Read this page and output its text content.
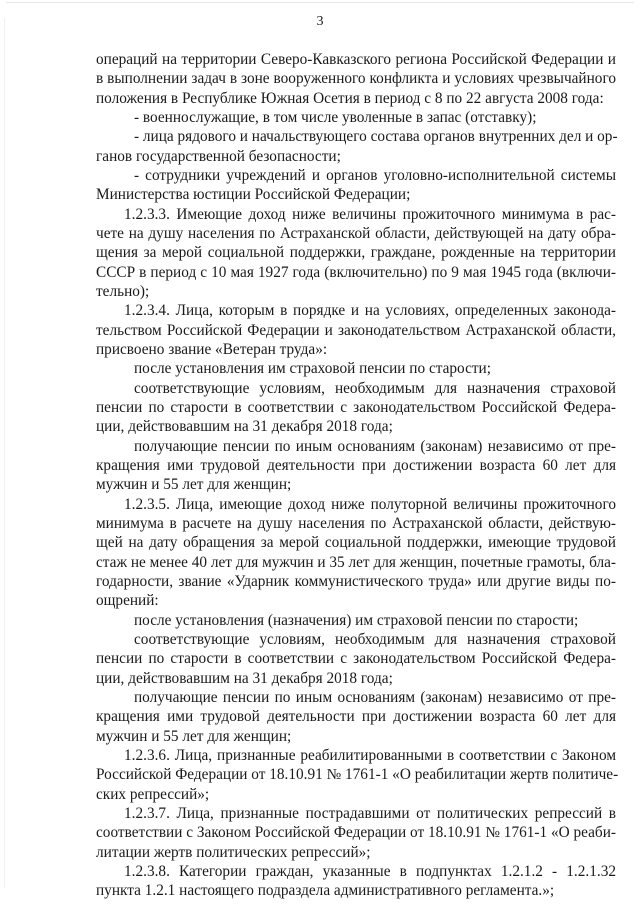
3
операций на территории Северо-Кавказского региона Российской Федерации и
в выполнении задач в зоне вооруженного конфликта и условиях чрезвычайного
положения в Республике Южная Осетия в период с 8 по 22 августа 2008 года:
- военнослужащие, в том числе уволенные в запас (отставку);
- лица рядового и начальствующего состава органов внутренних дел и ор-
ганов государственной безопасности;
- сотрудники учреждений и органов уголовно-исполнительной системы
Министерства юстиции Российской Федерации;
1.2.3.3. Имеющие доход ниже величины прожиточного минимума в рас-
чете на душу населения по Астраханской области, действующей на дату обра-
щения за мерой социальной поддержки, граждане, рожденные на территории
СССР в период с 10 мая 1927 года (включительно) по 9 мая 1945 года (включи-
тельно);
1.2.3.4. Лица, которым в порядке и на условиях, определенных законода-
тельством Российской Федерации и законодательством Астраханской области,
присвоено звание «Ветеран труда»:
после установления им страховой пенсии по старости;
соответствующие условиям, необходимым для назначения страховой
пенсии по старости в соответствии с законодательством Российской Федера-
ции, действовавшим на 31 декабря 2018 года;
получающие пенсии по иным основаниям (законам) независимо от пре-
кращения ими трудовой деятельности при достижении возраста 60 лет для
мужчин и 55 лет для женщин;
1.2.3.5. Лица, имеющие доход ниже полуторной величины прожиточного
минимума в расчете на душу населения по Астраханской области, действую-
щей на дату обращения за мерой социальной поддержки, имеющие трудовой
стаж не менее 40 лет для мужчин и 35 лет для женщин, почетные грамоты, бла-
годарности, звание «Ударник коммунистического труда» или другие виды по-
ощрений:
после установления (назначения) им страховой пенсии по старости;
соответствующие условиям, необходимым для назначения страховой
пенсии по старости в соответствии с законодательством Российской Федера-
ции, действовавшим на 31 декабря 2018 года;
получающие пенсии по иным основаниям (законам) независимо от пре-
кращения ими трудовой деятельности при достижении возраста 60 лет для
мужчин и 55 лет для женщин;
1.2.3.6. Лица, признанные реабилитированными в соответствии с Законом
Российской Федерации от 18.10.91 № 1761-1 «О реабилитации жертв политиче-
ских репрессий»;
1.2.3.7. Лица, признанные пострадавшими от политических репрессий в
соответствии с Законом Российской Федерации от 18.10.91 № 1761-1 «О реаби-
литации жертв политических репрессий»;
1.2.3.8. Категории граждан, указанные в подпунктах 1.2.1.2 - 1.2.1.32
пункта 1.2.1 настоящего подраздела административного регламента.»;
